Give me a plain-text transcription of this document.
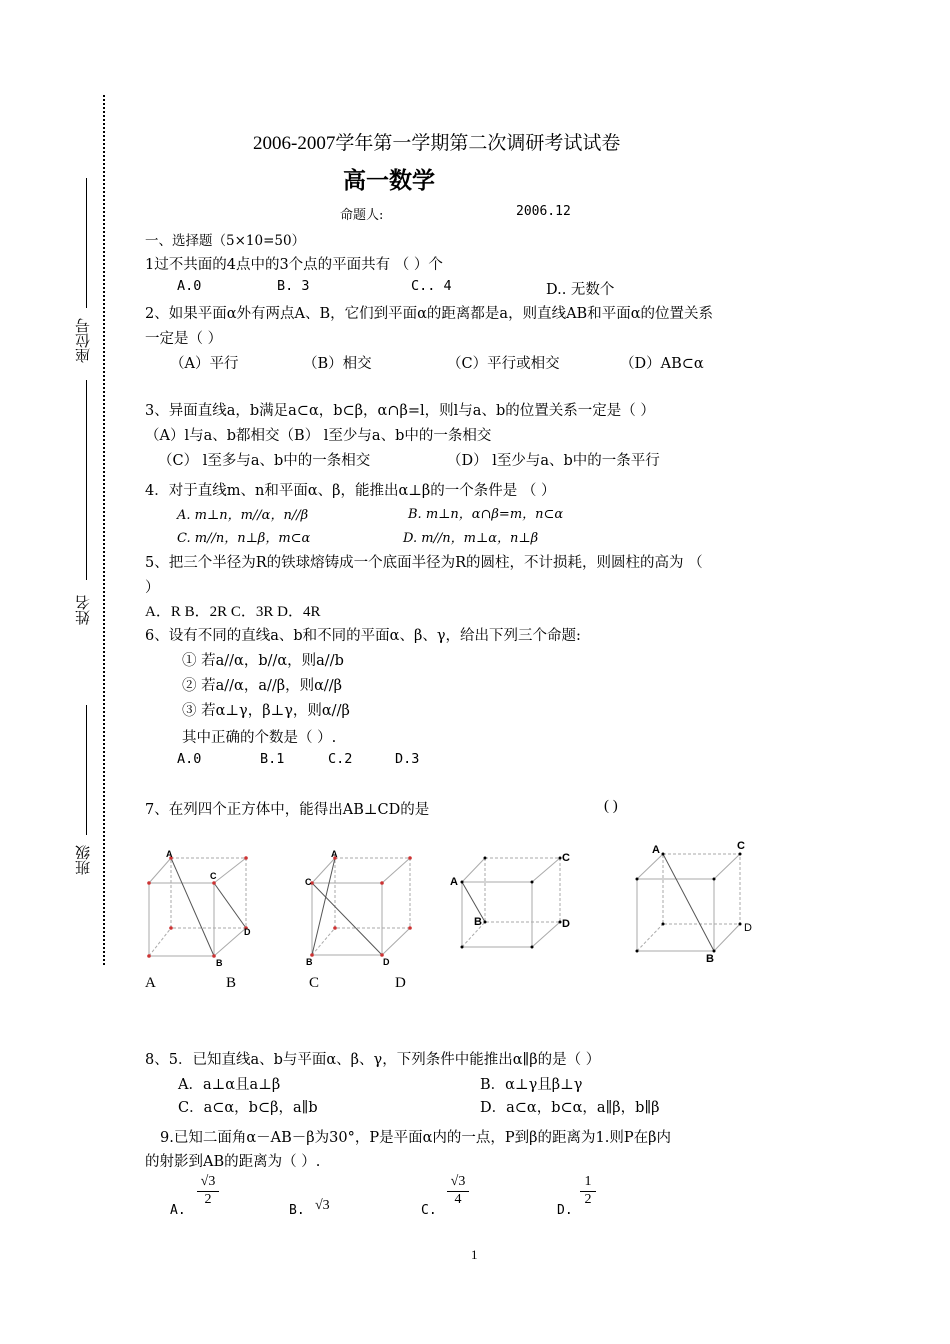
座位号
姓名
班级
2006-2007学年第一学期第二次调研考试试卷
高一数学
命题人:	2006.12
一、选择题（5×10=50）
1过不共面的4点中的3个点的平面共有 （ ）个
A.0	B. 3	C.. 4	D.. 无数个
2、如果平面α外有两点A、B，它们到平面α的距离都是a，则直线AB和平面α的位置关系
一定是（ ）
（A）平行	（B）相交	（C）平行或相交	（D）AB⊂α
3、异面直线a，b满足a⊂α，b⊂β，α∩β=l，则l与a、b的位置关系一定是（ ）
（A）l与a、b都相交（B） l至少与a、b中的一条相交
（C） l至多与a、b中的一条相交	（D） l至少与a、b中的一条平行
4．对于直线m、n和平面α、β，能推出α⊥β的一个条件是 （ ）
A. m⊥n，m//α，n//β	B. m⊥n，α∩β=m，n⊂α
C. m//n，n⊥β，m⊂α	D. m//n，m⊥α，n⊥β
5、把三个半径为R的铁球熔铸成一个底面半径为R的圆柱，不计损耗，则圆柱的高为 （
）
A．R B．2R C．3R D．4R
6、设有不同的直线a、b和不同的平面α、β、γ，给出下列三个命题:
① 若a//α，b//α，则a//b
② 若a//α，a//β，则α//β
③ 若α⊥γ，β⊥γ，则α//β
其中正确的个数是（ ）.
A.0	B.1	C.2	D.3
7、在列四个正方体中，能得出AB⊥CD的是	( )
A
C
D
B
A
C
B	D
A
C
B	D
A	C
D
B
A	B	C	D
8、5．已知直线a、b与平面α、β、γ，下列条件中能推出α∥β的是（ ）
A．a⊥α且a⊥β	B．α⊥γ且β⊥γ
C．a⊂α，b⊂β，a∥b	D．a⊂α，b⊂α，a∥β，b∥β
9.已知二面角α－AB－β为30°，P是平面α内的一点，P到β的距离为1.则P在β内
的射影到AB的距离为（ ）.
A.
$\frac{√3}{2}$
B. √3	C.
$\frac{√3}{4}$
D.
$\frac{1}{2}$
1
